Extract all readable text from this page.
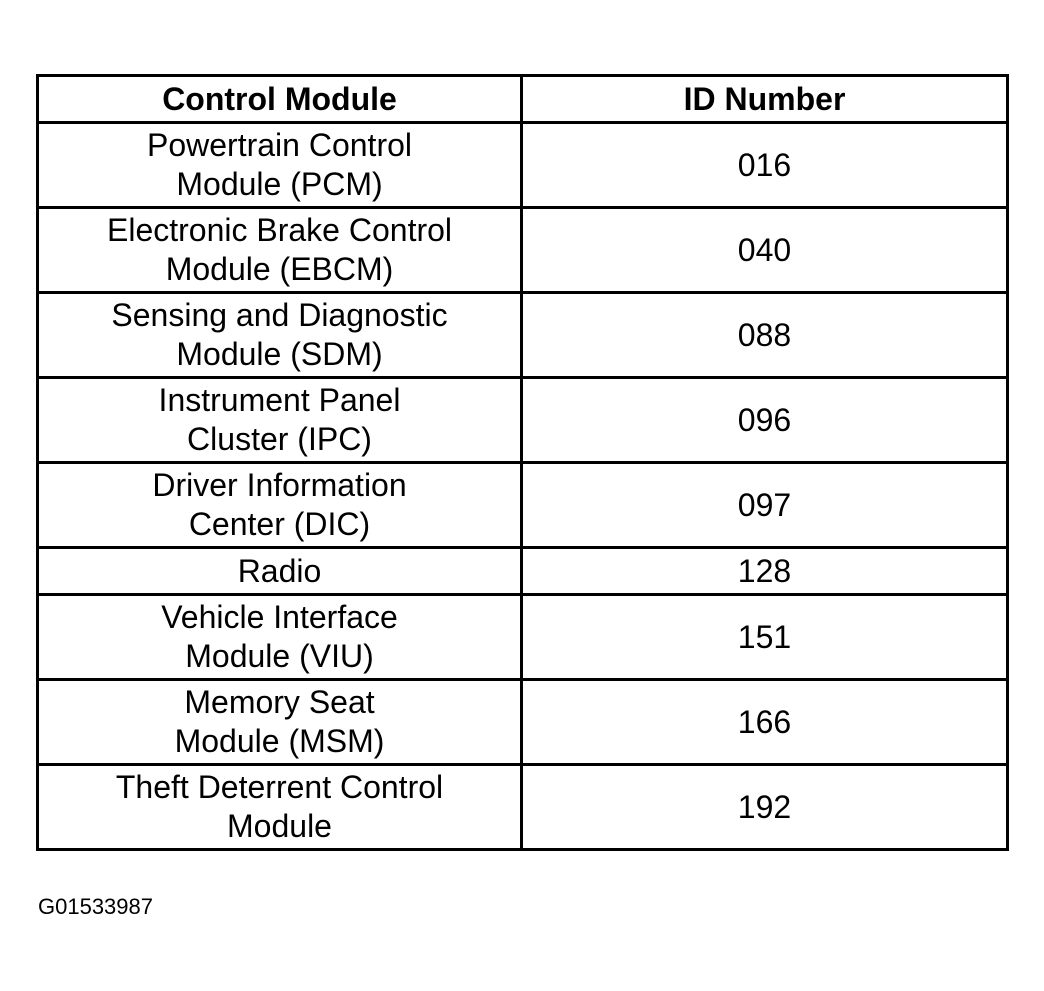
Control Module	ID Number

Powertrain Control
Module (PCM)	016

Electronic Brake Control
Module (EBCM)	040

Sensing and Diagnostic
Module (SDM)	088

Instrument Panel
Cluster (IPC)	096

Driver Information
Center (DIC)	097

Radio	128

Vehicle Interface
Module (VIU)	151

Memory Seat
Module (MSM)	166

Theft Deterrent Control
Module	192
G01533987
